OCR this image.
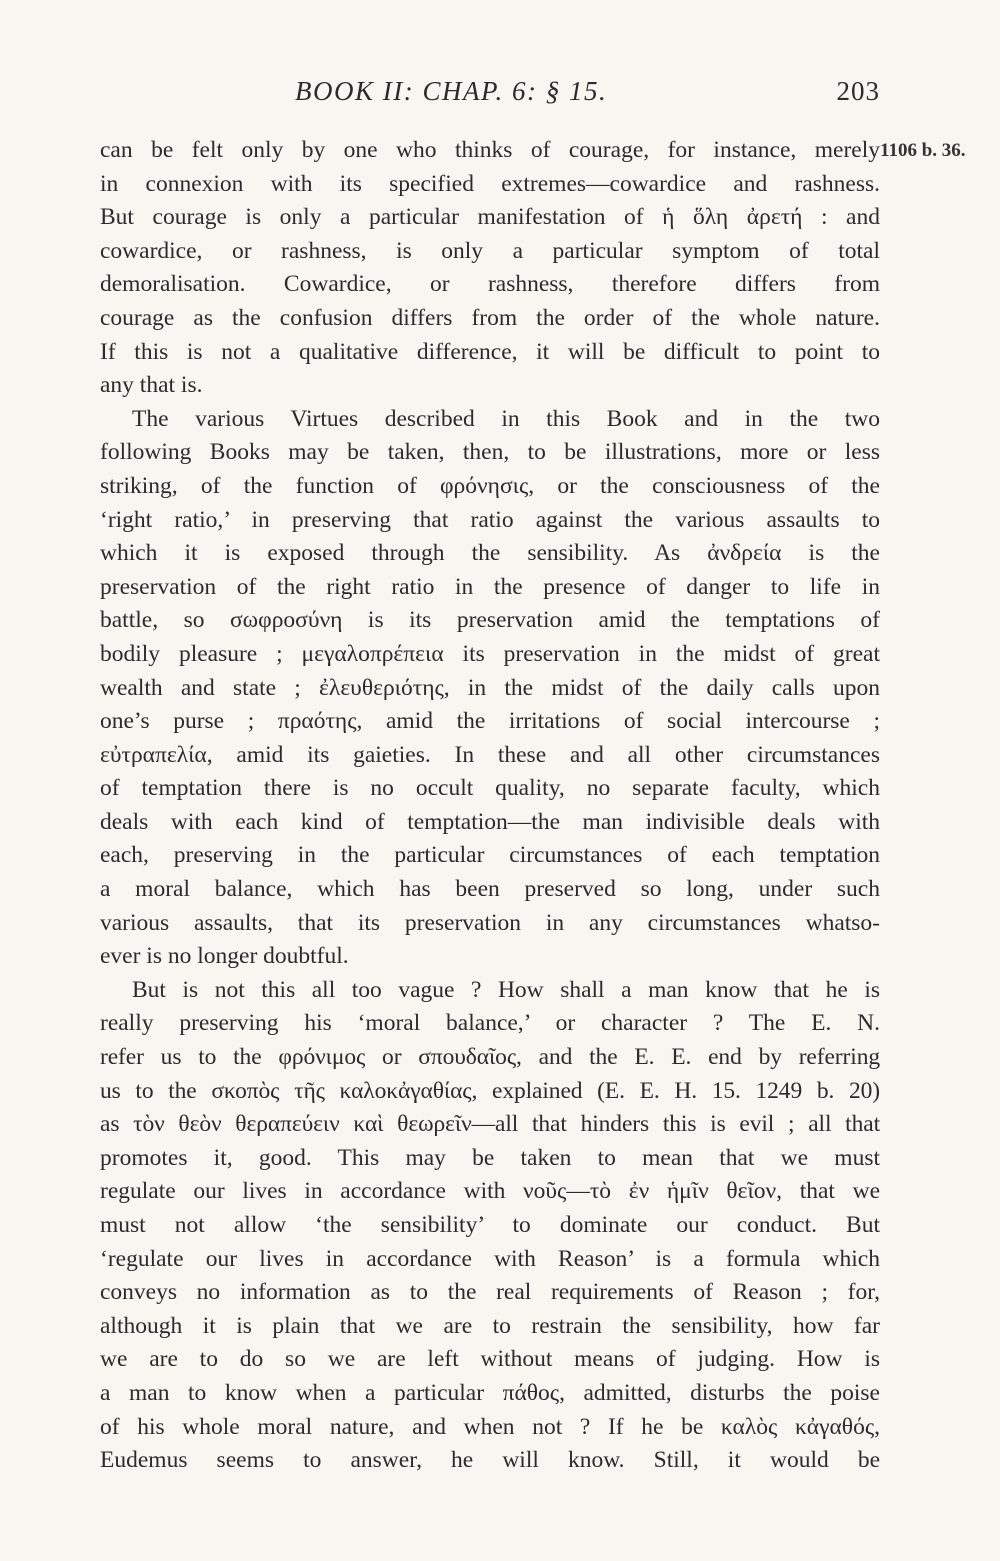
BOOK II: CHAP. 6: § 15.	203
1106 b. 36.
can be felt only by one who thinks of courage, for instance, merely
in connexion with its specified extremes—cowardice and rashness.
But courage is only a particular manifestation of ἡ ὅλη ἀρετή : and
cowardice, or rashness, is only a particular symptom of total
demoralisation. Cowardice, or rashness, therefore differs from
courage as the confusion differs from the order of the whole nature.
If this is not a qualitative difference, it will be difficult to point to
any that is.
The various Virtues described in this Book and in the two
following Books may be taken, then, to be illustrations, more or less
striking, of the function of φρόνησις, or the consciousness of the
‘right ratio,’ in preserving that ratio against the various assaults to
which it is exposed through the sensibility. As ἀνδρεία is the
preservation of the right ratio in the presence of danger to life in
battle, so σωφροσύνη is its preservation amid the temptations of
bodily pleasure ; μεγαλοπρέπεια its preservation in the midst of great
wealth and state ; ἐλευθεριότης, in the midst of the daily calls upon
one’s purse ; πραότης, amid the irritations of social intercourse ;
εὐτραπελία, amid its gaieties. In these and all other circumstances
of temptation there is no occult quality, no separate faculty, which
deals with each kind of temptation—the man indivisible deals with
each, preserving in the particular circumstances of each temptation
a moral balance, which has been preserved so long, under such
various assaults, that its preservation in any circumstances whatso-
ever is no longer doubtful.
But is not this all too vague ? How shall a man know that he is
really preserving his ‘moral balance,’ or character ? The E. N.
refer us to the φρόνιμος or σπουδαῖος, and the E. E. end by referring
us to the σκοπὸς τῆς καλοκἀγαθίας, explained (E. E. H. 15. 1249 b. 20)
as τὸν θεὸν θεραπεύειν καὶ θεωρεῖν—all that hinders this is evil ; all that
promotes it, good. This may be taken to mean that we must
regulate our lives in accordance with νοῦς—τὸ ἐν ἡμῖν θεῖον, that we
must not allow ‘the sensibility’ to dominate our conduct. But
‘regulate our lives in accordance with Reason’ is a formula which
conveys no information as to the real requirements of Reason ; for,
although it is plain that we are to restrain the sensibility, how far
we are to do so we are left without means of judging. How is
a man to know when a particular πάθος, admitted, disturbs the poise
of his whole moral nature, and when not ? If he be καλὸς κἀγαθός,
Eudemus seems to answer, he will know. Still, it would be
